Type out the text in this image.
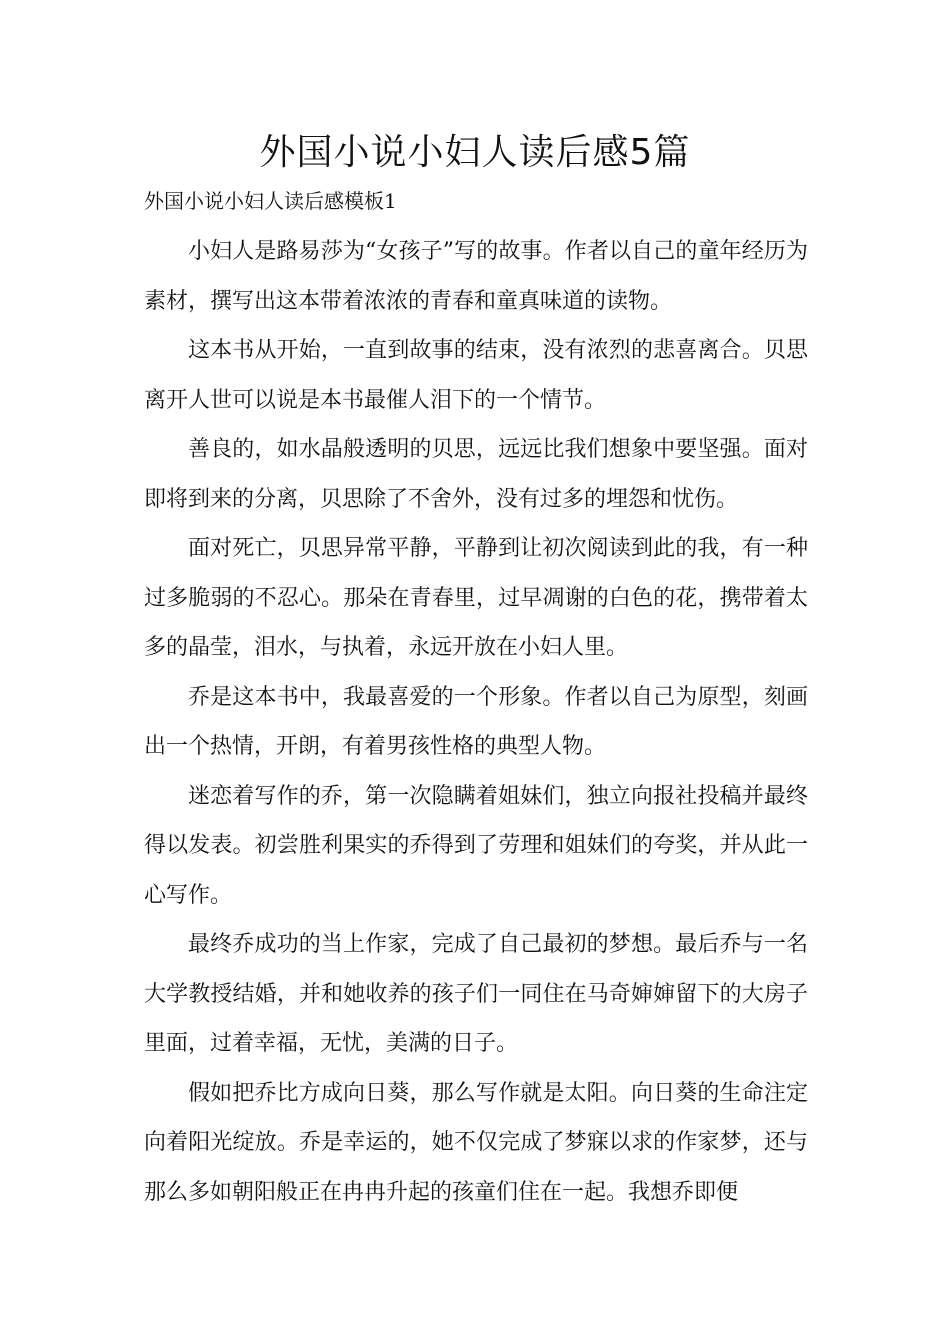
外国小说小妇人读后感5篇

外国小说小妇人读后感模板1

小妇人是路易莎为“女孩子”写的故事。作者以自己的童年经历为素材，撰写出这本带着浓浓的青春和童真味道的读物。

这本书从开始，一直到故事的结束，没有浓烈的悲喜离合。贝思离开人世可以说是本书最催人泪下的一个情节。

善良的，如水晶般透明的贝思，远远比我们想象中要坚强。面对即将到来的分离，贝思除了不舍外，没有过多的埋怨和忧伤。

面对死亡，贝思异常平静，平静到让初次阅读到此的我，有一种过多脆弱的不忍心。那朵在青春里，过早凋谢的白色的花，携带着太多的晶莹，泪水，与执着，永远开放在小妇人里。

乔是这本书中，我最喜爱的一个形象。作者以自己为原型，刻画出一个热情，开朗，有着男孩性格的典型人物。

迷恋着写作的乔，第一次隐瞒着姐妹们，独立向报社投稿并最终得以发表。初尝胜利果实的乔得到了劳理和姐妹们的夸奖，并从此一心写作。

最终乔成功的当上作家，完成了自己最初的梦想。最后乔与一名大学教授结婚，并和她收养的孩子们一同住在马奇婶婶留下的大房子里面，过着幸福，无忧，美满的日子。

假如把乔比方成向日葵，那么写作就是太阳。向日葵的生命注定向着阳光绽放。乔是幸运的，她不仅完成了梦寐以求的作家梦，还与那么多如朝阳般正在冉冉升起的孩童们住在一起。我想乔即便
